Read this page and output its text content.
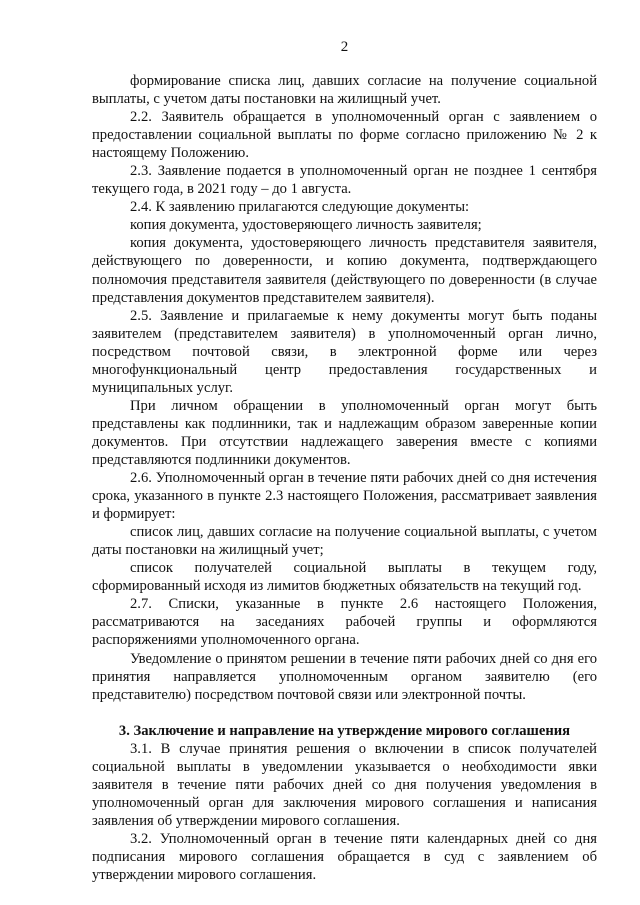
2

формирование списка лиц, давших согласие на получение социальной выплаты, с учетом даты постановки на жилищный учет.

2.2. Заявитель обращается в уполномоченный орган с заявлением о предоставлении социальной выплаты по форме согласно приложению № 2 к настоящему Положению.

2.3. Заявление подается в уполномоченный орган не позднее 1 сентября текущего года, в 2021 году – до 1 августа.

2.4. К заявлению прилагаются следующие документы:

копия документа, удостоверяющего личность заявителя;

копия документа, удостоверяющего личность представителя заявителя, действующего по доверенности, и копию документа, подтверждающего полномочия представителя заявителя (действующего по доверенности (в случае представления документов представителем заявителя).

2.5. Заявление и прилагаемые к нему документы могут быть поданы заявителем (представителем заявителя) в уполномоченный орган лично, посредством почтовой связи, в электронной форме или через многофункциональный центр предоставления государственных и муниципальных услуг.

При личном обращении в уполномоченный орган могут быть представлены как подлинники, так и надлежащим образом заверенные копии документов. При отсутствии надлежащего заверения вместе с копиями представляются подлинники документов.

2.6. Уполномоченный орган в течение пяти рабочих дней со дня истечения срока, указанного в пункте 2.3 настоящего Положения, рассматривает заявления и формирует:

список лиц, давших согласие на получение социальной выплаты, с учетом даты постановки на жилищный учет;

список получателей социальной выплаты в текущем году, сформированный исходя из лимитов бюджетных обязательств на текущий год.

2.7. Списки, указанные в пункте 2.6 настоящего Положения, рассматриваются на заседаниях рабочей группы и оформляются распоряжениями уполномоченного органа.

Уведомление о принятом решении в течение пяти рабочих дней со дня его принятия направляется уполномоченным органом заявителю (его представителю) посредством почтовой связи или электронной почты.

3. Заключение и направление на утверждение мирового соглашения

3.1. В случае принятия решения о включении в список получателей социальной выплаты в уведомлении указывается о необходимости явки заявителя в течение пяти рабочих дней со дня получения уведомления в уполномоченный орган для заключения мирового соглашения и написания заявления об утверждении мирового соглашения.

3.2. Уполномоченный орган в течение пяти календарных дней со дня подписания мирового соглашения обращается в суд с заявлением об утверждении мирового соглашения.
